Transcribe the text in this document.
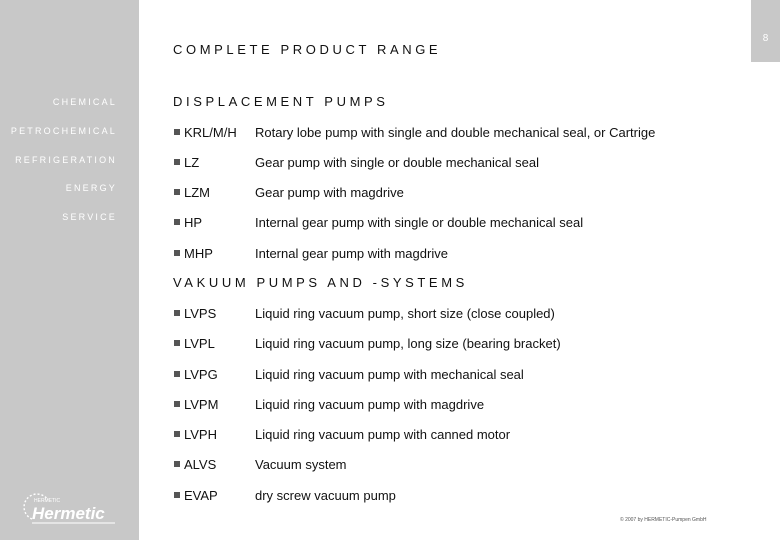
CHEMICAL
PETROCHEMICAL
REFRIGERATION
ENERGY
SERVICE
HERMETIC
Hermetic
8
COMPLETE PRODUCT RANGE
DISPLACEMENT PUMPS
KRL/M/H Rotary lobe pump with single and double mechanical seal, or Cartrige
LZ	Gear pump with single or double mechanical seal
LZM	Gear pump with magdrive
HP	Internal gear pump with single or double mechanical seal
MHP	Internal gear pump with magdrive
VAKUUM PUMPS AND -SYSTEMS
LVPS	Liquid ring vacuum pump, short size (close coupled)
LVPL	Liquid ring vacuum pump, long size (bearing bracket)
LVPG	Liquid ring vacuum pump with mechanical seal
LVPM	Liquid ring vacuum pump with magdrive
LVPH	Liquid ring vacuum pump with canned motor
ALVS	Vacuum system
EVAP	dry screw vacuum pump
© 2007 by HERMETIC-Pumpen GmbH
